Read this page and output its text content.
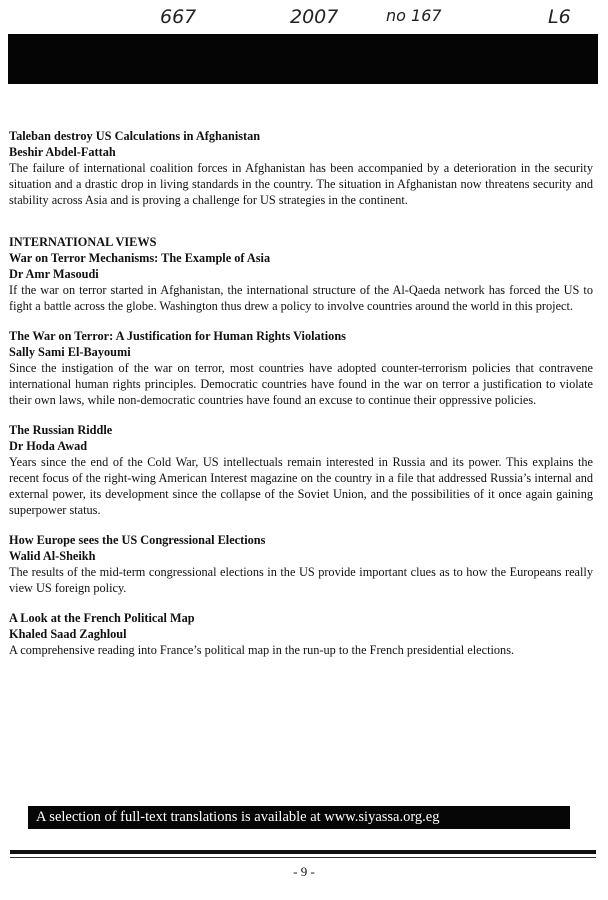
667	2007	no 167	L6

Taleban destroy US Calculations in Afghanistan

Beshir Abdel-Fattah

The failure of international coalition forces in Afghanistan has been accompanied by a deterioration in the security situation and a drastic drop in living standards in the country. The situation in Afghanistan now threatens security and stability across Asia and is proving a challenge for US strategies in the continent.

INTERNATIONAL VIEWS

War on Terror Mechanisms: The Example of Asia

Dr Amr Masoudi

If the war on terror started in Afghanistan, the international structure of the Al-Qaeda network has forced the US to fight a battle across the globe. Washington thus drew a policy to involve countries around the world in this project.

The War on Terror: A Justification for Human Rights Violations

Sally Sami El-Bayoumi

Since the instigation of the war on terror, most countries have adopted counter-terrorism policies that contravene international human rights principles. Democratic countries have found in the war on terror a justification to violate their own laws, while non-democratic countries have found an excuse to continue their oppressive policies.

The Russian Riddle

Dr Hoda Awad

Years since the end of the Cold War, US intellectuals remain interested in Russia and its power. This explains the recent focus of the right-wing American Interest magazine on the country in a file that addressed Russia’s internal and external power, its development since the collapse of the Soviet Union, and the possibilities of it once again gaining superpower status.

How Europe sees the US Congressional Elections

Walid Al-Sheikh

The results of the mid-term congressional elections in the US provide important clues as to how the Europeans really view US foreign policy.

A Look at the French Political Map

Khaled Saad Zaghloul

A comprehensive reading into France’s political map in the run-up to the French presidential elections.

A selection of full-text translations is available at www.siyassa.org.eg
- 9 -
